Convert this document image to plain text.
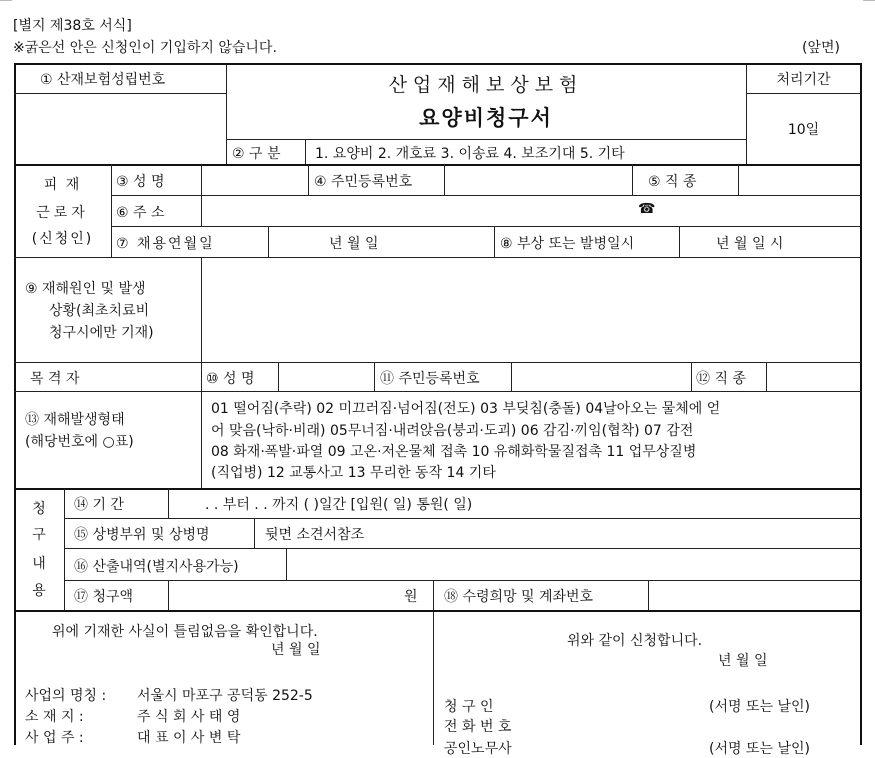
[별지 제38호 서식]
※굵은선 안은 신청인이 기입하지 않습니다.	(앞면)
① 산재보험성립번호	산업재해보상보험
요양비청구서
처리기간
10일
② 구 분 1. 요양비 2. 개호료 3. 이송료 4. 보조기대 5. 기타
피 재
근로자
(신청인)
③ 성 명	④ 주민등록번호	⑤ 직 종
⑥ 주 소	☎
⑦ 채용연월일	년 월 일	⑧ 부상 또는 발병일시	년 월 일 시
⑨ 재해원인 및 발생
상황(최초치료비
청구시에만 기재)
목 격 자	⑩ 성 명	⑪ 주민등록번호	⑫ 직 종
⑬ 재해발생형태
(해당번호에 ○표)
01 떨어짐(추락) 02 미끄러짐·넘어짐(전도) 03 부딪침(충돌) 04날아오는 물체에 얻
어 맞음(낙하·비래) 05무너짐·내려앉음(붕괴·도괴) 06 감김·끼임(협착) 07 감전
08 화재·폭발·파열 09 고온·저온물체 접촉 10 유해화학물질접촉 11 업무상질병
(직업병) 12 교통사고 13 무리한 동작 14 기타
청
구
내
용
⑭ 기 간	. . 부터 . . 까지 ( )일간 [입원( 일) 통원( 일)
⑮ 상병부위 및 상병명	뒷면 소견서참조
⑯ 산출내역(별지사용가능)
⑰ 청구액	원 ⑱ 수령희망 및 계좌번호
위에 기재한 사실이 틀림없음을 확인합니다.
년 월 일
사업의 명칭 : 서울시 마포구 공덕동 252-5
소 재 지 :	주 식 회 사 태 영
사 업 주 :	대 표 이 사 변 탁
위와 같이 신청합니다.
년 월 일
청 구 인	(서명 또는 날인)
전 화 번 호
공인노무사	(서명 또는 날인)
